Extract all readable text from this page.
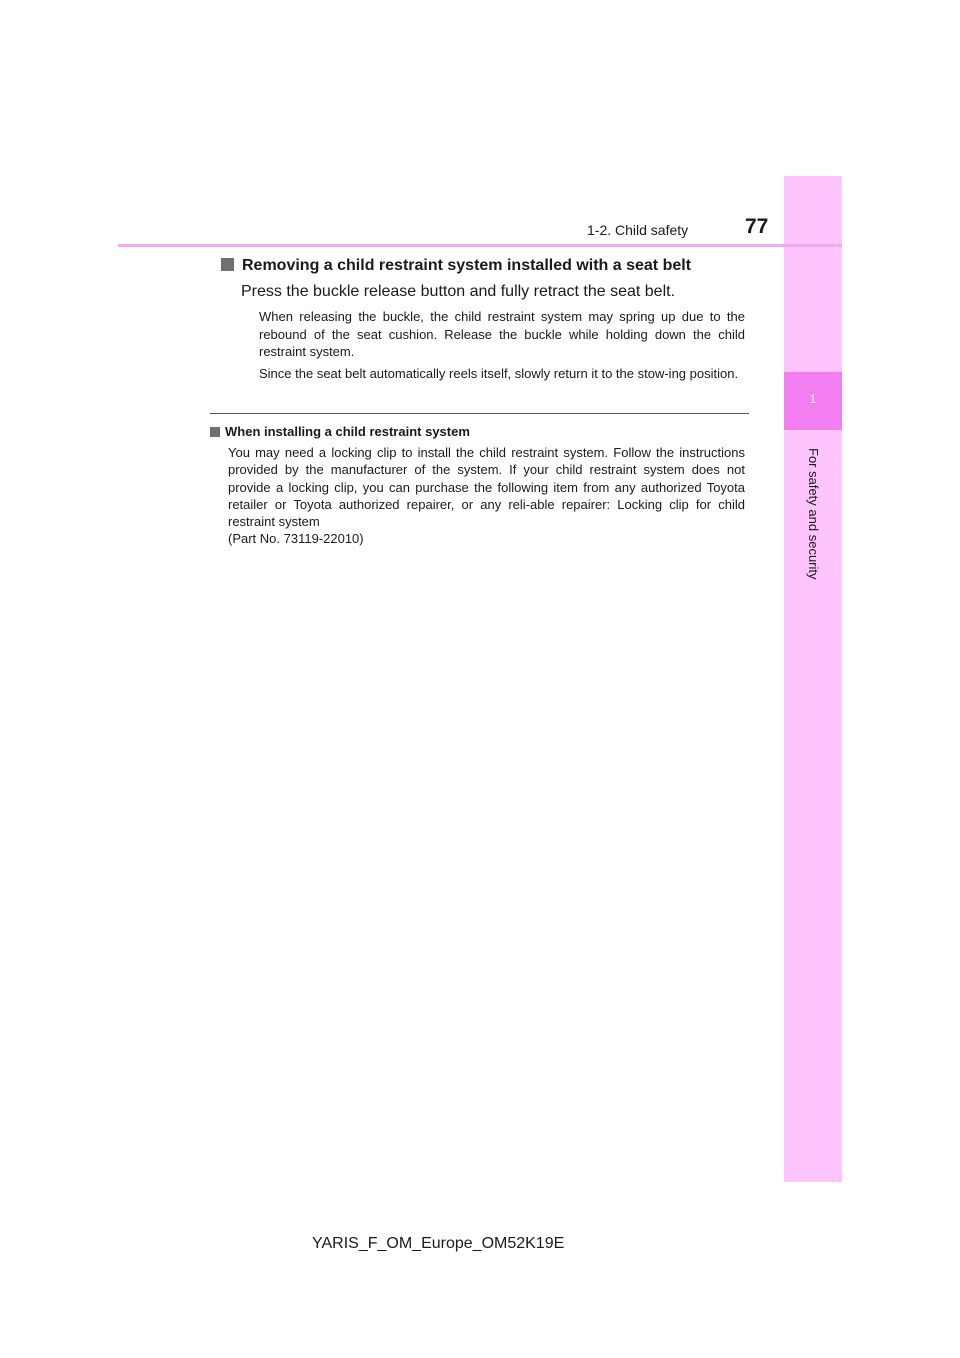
1
For safety and security
1-2. Child safety	77
Removing a child restraint system installed with a seat belt
Press the buckle release button and fully retract the seat belt.
When releasing the buckle, the child restraint system may spring up due to the rebound of the seat cushion. Release the buckle while holding down the child restraint system.
Since the seat belt automatically reels itself, slowly return it to the stow-ing position.
When installing a child restraint system
You may need a locking clip to install the child restraint system. Follow the instructions provided by the manufacturer of the system. If your child restraint system does not provide a locking clip, you can purchase the following item from any authorized Toyota retailer or Toyota authorized repairer, or any reli-able repairer: Locking clip for child restraint system
(Part No. 73119-22010)
YARIS_F_OM_Europe_OM52K19E
